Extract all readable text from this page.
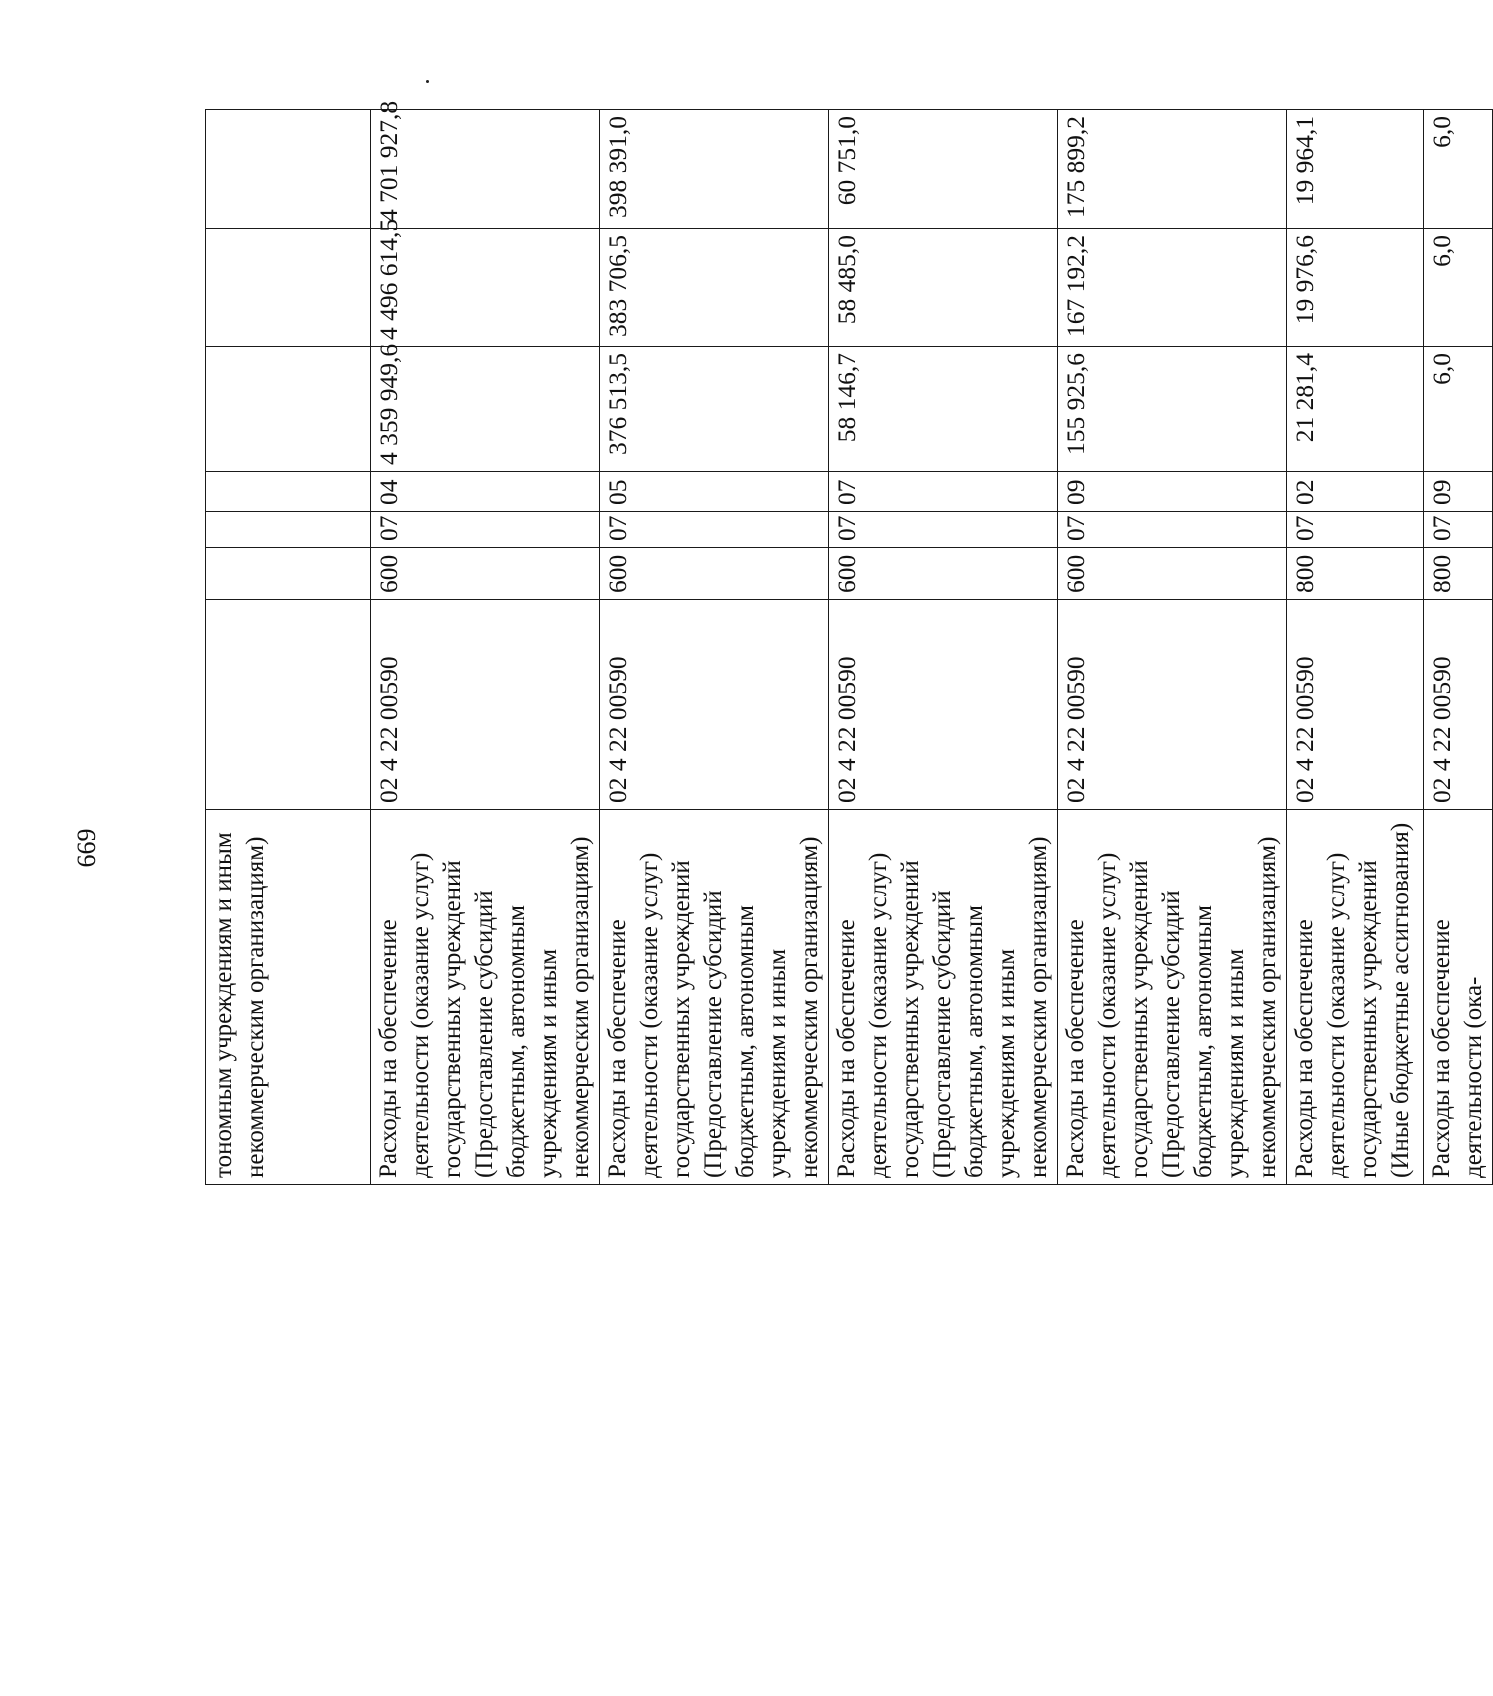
669	тономным учреждениям и иным некоммерческим организациям)							
Расходы на обеспечение деятельности (оказание услуг) государственных учреждений (Предоставление субсидий бюджетным, автономным учреждениям и иным некоммерческим организациям)	02 4 22 00590	600	07	04	4 359 949,6	4 496 614,5	4 701 927,8
Расходы на обеспечение деятельности (оказание услуг) государственных учреждений (Предоставление субсидий бюджетным, автономным учреждениям и иным некоммерческим организациям)	02 4 22 00590	600	07	05	376 513,5	383 706,5	398 391,0
Расходы на обеспечение деятельности (оказание услуг) государственных учреждений (Предоставление субсидий бюджетным, автономным учреждениям и иным некоммерческим организациям)	02 4 22 00590	600	07	07	58 146,7	58 485,0	60 751,0
Расходы на обеспечение деятельности (оказание услуг) государственных учреждений (Предоставление субсидий бюджетным, автономным учреждениям и иным некоммерческим организациям)	02 4 22 00590	600	07	09	155 925,6	167 192,2	175 899,2
Расходы на обеспечение деятельности (оказание услуг) государственных учреждений (Иные бюджетные ассигнования)	02 4 22 00590	800	07	02	21 281,4	19 976,6	19 964,1
Расходы на обеспечение деятельности (ока-	02 4 22 00590	800	07	09	6,0	6,0	6,0
